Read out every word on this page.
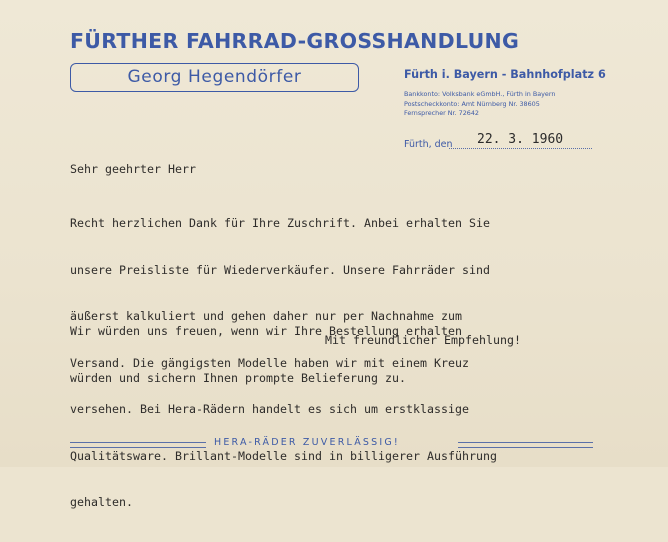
FÜRTHER FAHRRAD-GROSSHANDLUNG
Georg Hegendörfer	Fürth i. Bayern - Bahnhofplatz 6
Bankkonto: Volksbank eGmbH., Fürth in Bayern
Postscheckkonto: Amt Nürnberg Nr. 38605
Fernsprecher Nr. 72642
Fürth, den 22. 3. 1960
Sehr geehrter Herr

Recht herzlichen Dank für Ihre Zuschrift. Anbei erhalten Sie

unsere Preisliste für Wiederverkäufer. Unsere Fahrräder sind

äußerst kalkuliert und gehen daher nur per Nachnahme zum

Versand. Die gängigsten Modelle haben wir mit einem Kreuz

versehen. Bei Hera-Rädern handelt es sich um erstklassige

Qualitätsware. Brillant-Modelle sind in billigerer Ausführung

gehalten.

Wir würden uns freuen, wenn wir Ihre Bestellung erhalten

würden und sichern Ihnen prompte Belieferung zu.

Mit freundlicher Empfehlung!
HERA-RÄDER ZUVERLÄSSIG!
